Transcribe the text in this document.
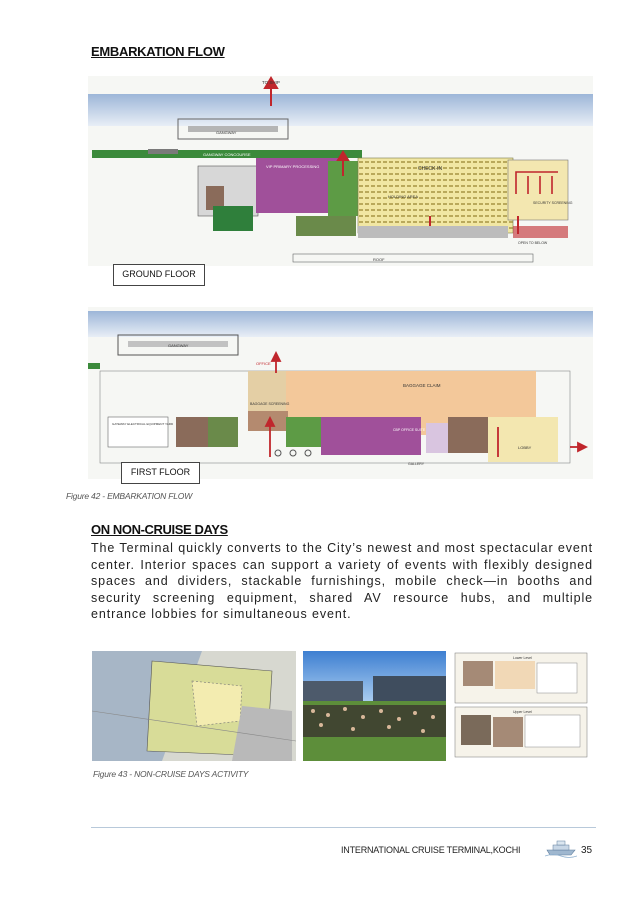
EMBARKATION FLOW
GANGWAY
GANGWAY CONCOURSE
VIP PRIMARY PROCESSING	CHECK-IN
HOLDING AREA
SECURITY SCREENING
TO SHIP
OPEN TO BELOW
ROOF
GROUND FLOOR
GANGWAY
OFFICE
BAGGAGE CLAIM
BAGGAGE SCREENING
CBP OFFICE SUITE
GATEWAY ELECTRICAL EQUIPMENT YARD
LOBBY
GALLERY
FIRST FLOOR
Figure 42 - EMBARKATION FLOW
ON NON-CRUISE DAYS
The Terminal quickly converts to the City’s newest and most spectacular event center. Interior spaces can support a variety of events with flexibly designed spaces and dividers, stackable furnishings, mobile check—in booths and security screening equipment, shared AV resource hubs, and multiple entrance lobbies for simultaneous event.
Lower Level
Upper Level
Figure 43 - NON-CRUISE DAYS ACTIVITY
INTERNATIONAL CRUISE TERMINAL,KOCHI	35
